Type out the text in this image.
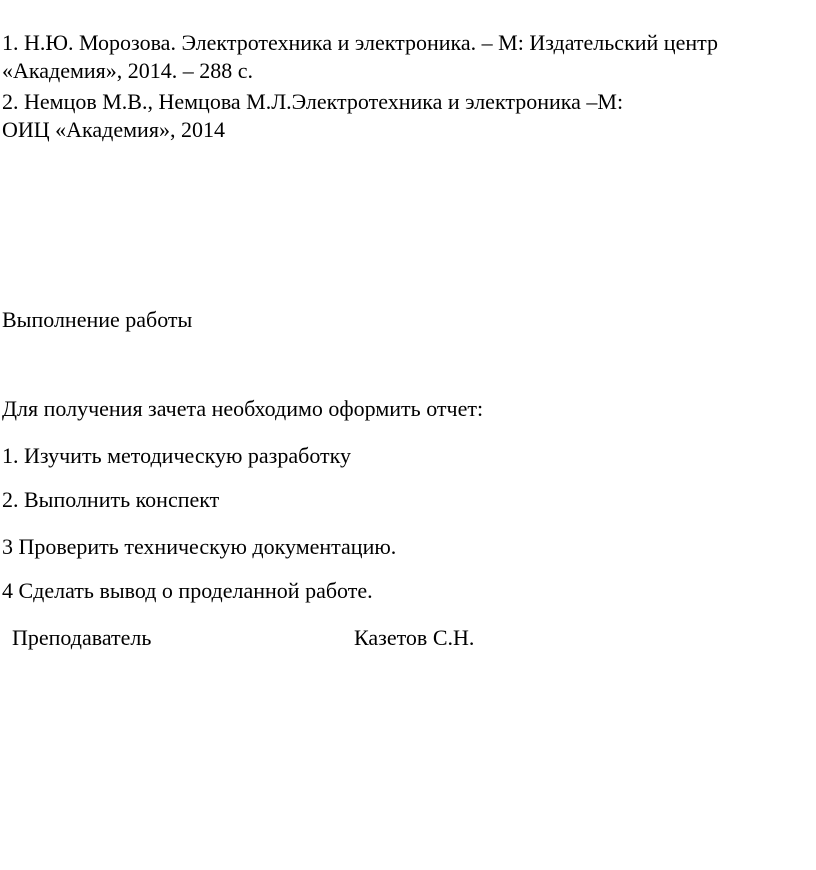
1. Н.Ю. Морозова. Электротехника и электроника. – М: Издательский центр
«Академия», 2014. – 288 с.
2. Немцов М.В., Немцова М.Л.Электротехника и электроника –М:
ОИЦ «Академия», 2014
Выполнение работы
Для получения зачета необходимо оформить отчет:
1. Изучить методическую разработку
2. Выполнить конспект
3 Проверить техническую документацию.
4 Сделать вывод о проделанной работе.
Преподаватель	Казетов С.Н.
